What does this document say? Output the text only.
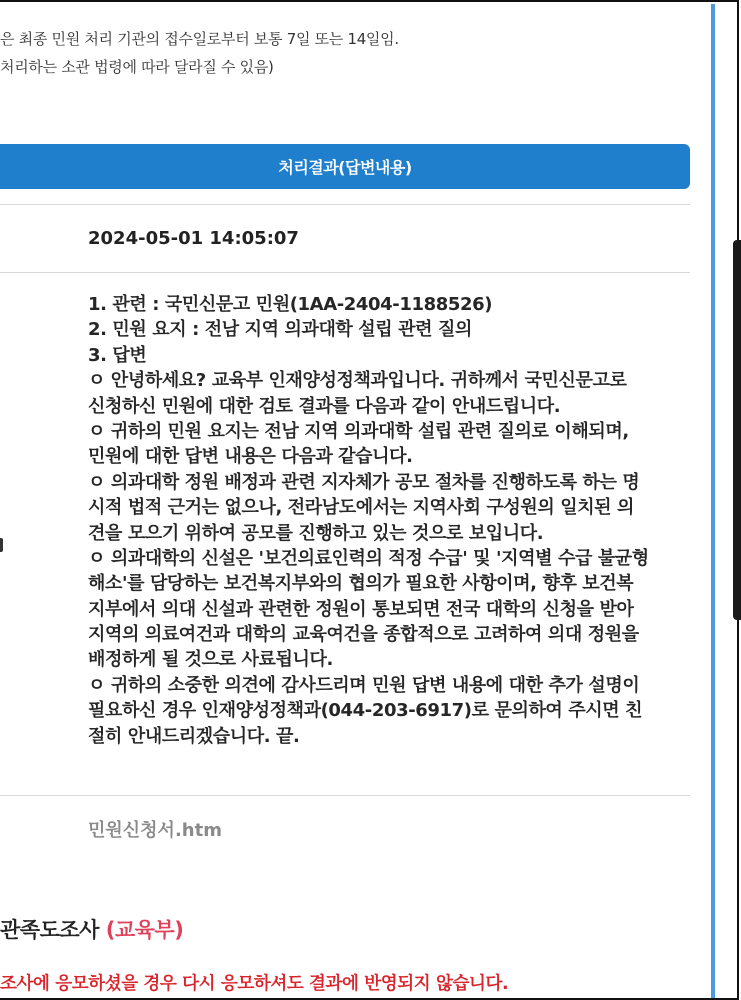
은 최종 민원 처리 기관의 접수일로부터 보통 7일 또는 14일임.
처리하는 소관 법령에 따라 달라질 수 있음)
처리결과(답변내용)
2024-05-01 14:05:07
1. 관련 : 국민신문고 민원(1AA-2404-1188526)
2. 민원 요지 : 전남 지역 의과대학 설립 관련 질의
3. 답변
ㅇ 안녕하세요? 교육부 인재양성정책과입니다. 귀하께서 국민신문고로
신청하신 민원에 대한 검토 결과를 다음과 같이 안내드립니다.
ㅇ 귀하의 민원 요지는 전남 지역 의과대학 설립 관련 질의로 이해되며,
민원에 대한 답변 내용은 다음과 같습니다.
ㅇ 의과대학 정원 배정과 관련 지자체가 공모 절차를 진행하도록 하는 명
시적 법적 근거는 없으나, 전라남도에서는 지역사회 구성원의 일치된 의
견을 모으기 위하여 공모를 진행하고 있는 것으로 보입니다.
ㅇ 의과대학의 신설은 '보건의료인력의 적정 수급' 및 '지역별 수급 불균형
해소'를 담당하는 보건복지부와의 협의가 필요한 사항이며, 향후 보건복
지부에서 의대 신설과 관련한 정원이 통보되면 전국 대학의 신청을 받아
지역의 의료여건과 대학의 교육여건을 종합적으로 고려하여 의대 정원을
배정하게 될 것으로 사료됩니다.
ㅇ 귀하의 소중한 의견에 감사드리며 민원 답변 내용에 대한 추가 설명이
필요하신 경우 인재양성정책과(044-203-6917)로 문의하여 주시면 친
절히 안내드리겠습니다. 끝.
민원신청서.htm
관족도조사 (교육부)
조사에 응모하셨을 경우 다시 응모하셔도 결과에 반영되지 않습니다.
